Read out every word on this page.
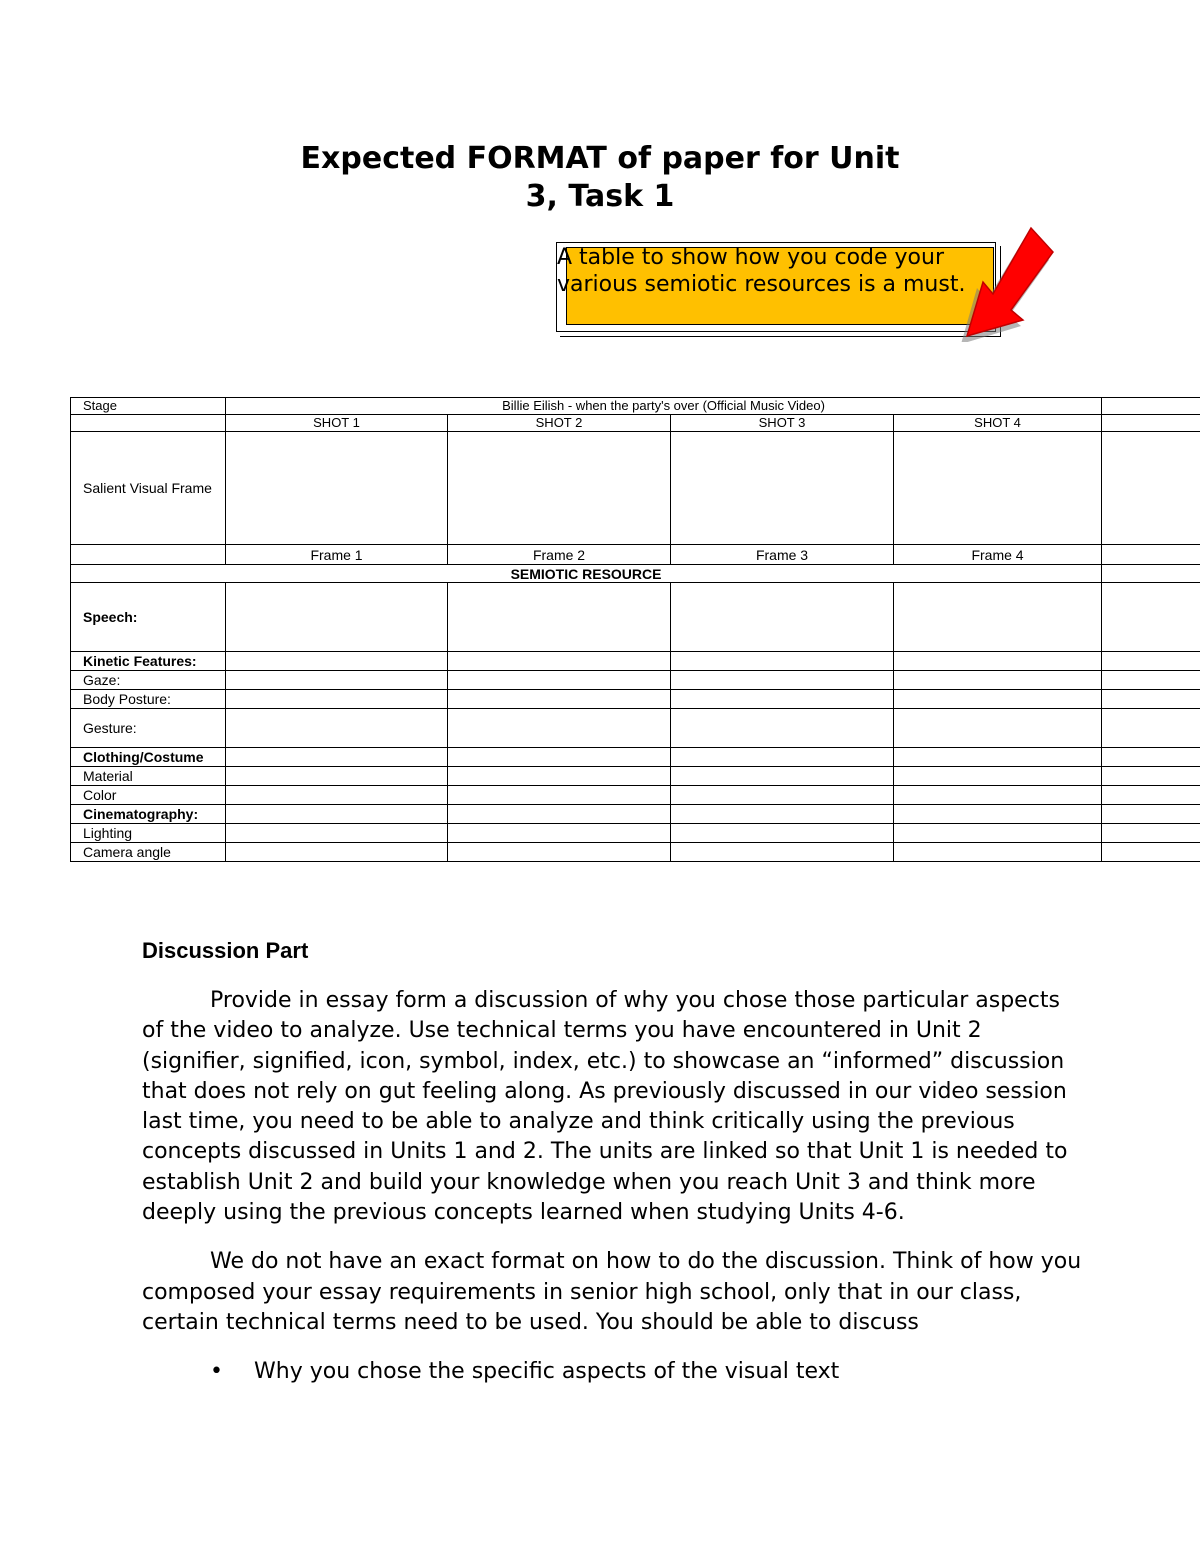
Expected FORMAT of paper for Unit
3, Task 1

A table to show how you code your
various semiotic resources is a must.

Stage	Billie Eilish - when the party's over (Official Music Video)				
	SHOT 1	SHOT 2	SHOT 3	SHOT 4	
Salient Visual Frame					
	Frame 1	Frame 2	Frame 3	Frame 4	
SEMIOTIC RESOURCE					
Speech:					
Kinetic Features:					
Gaze:					
Body Posture:					
Gesture:					
Clothing/Costume					
Material					
Color					
Cinematography:					
Lighting					
Camera angle					
Discussion Part

Provide in essay form a discussion of why you chose those particular aspects of the video to analyze. Use technical terms you have encountered in Unit 2 (signifier, signified, icon, symbol, index, etc.) to showcase an “informed” discussion that does not rely on gut feeling along. As previously discussed in our video session last time, you need to be able to analyze and think critically using the previous concepts discussed in Units 1 and 2. The units are linked so that Unit 1 is needed to establish Unit 2 and build your knowledge when you reach Unit 3 and think more deeply using the previous concepts learned when studying Units 4-6.

We do not have an exact format on how to do the discussion. Think of how you composed your essay requirements in senior high school, only that in our class, certain technical terms need to be used. You should be able to discuss

• Why you chose the specific aspects of the visual text
